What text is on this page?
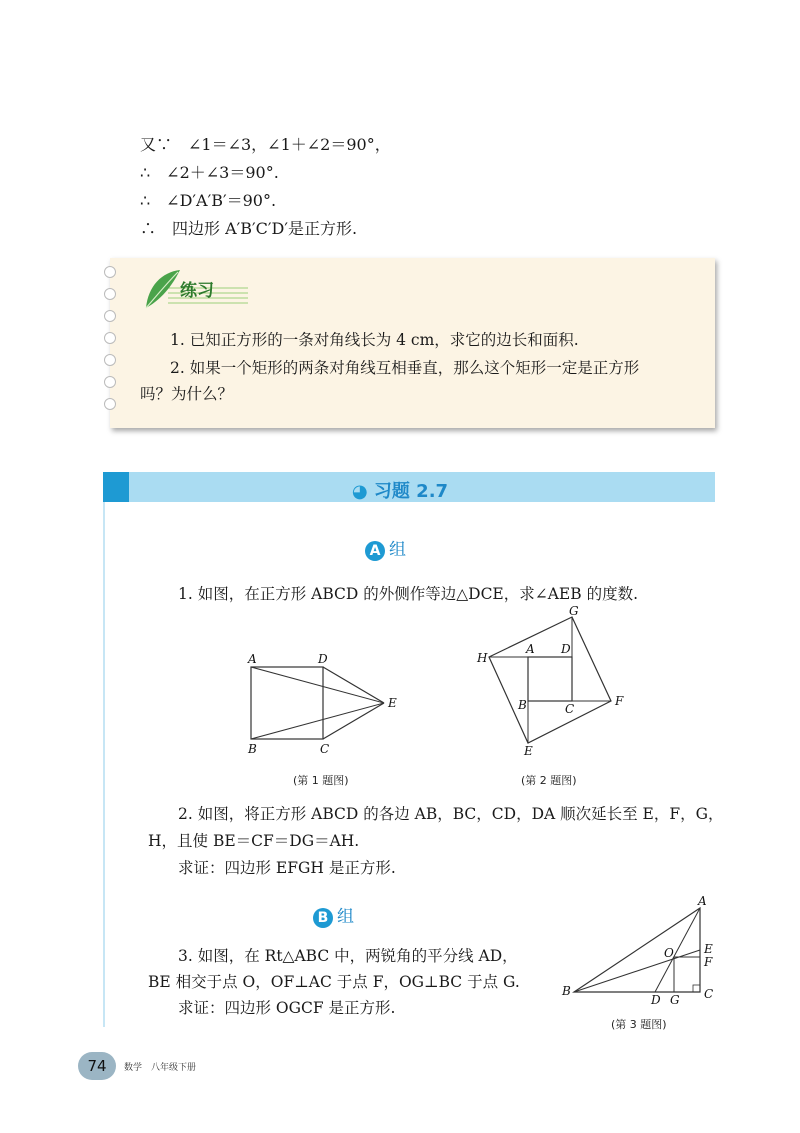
又∵　∠1＝∠3，∠1＋∠2＝90°，
∴　∠2＋∠3＝90°.
∴　∠D′A′B′＝90°.
∴　四边形 A′B′C′D′是正方形.
练习
1. 已知正方形的一条对角线长为 4 cm，求它的边长和面积.
2. 如果一个矩形的两条对角线互相垂直，那么这个矩形一定是正方形
吗？为什么？
◕ 习题 2.7
A 组
1. 如图，在正方形 ABCD 的外侧作等边△DCE，求∠AEB 的度数.
A
B	C
D
E
(第 1 题图)
A
B	C
D
E
F
G
H
(第 2 题图)
2. 如图，将正方形 ABCD 的各边 AB，BC，CD，DA 顺次延长至 E，F，G，
H，且使 BE＝CF＝DG＝AH.
求证：四边形 EFGH 是正方形.
B 组
3. 如图，在 Rt△ABC 中，两锐角的平分线 AD，
BE 相交于点 O，OF⊥AC 于点 F，OG⊥BC 于点 G.
求证：四边形 OGCF 是正方形.
A
B	C
D
E
F
G
O
(第 3 题图)
74	数学　八年级下册
